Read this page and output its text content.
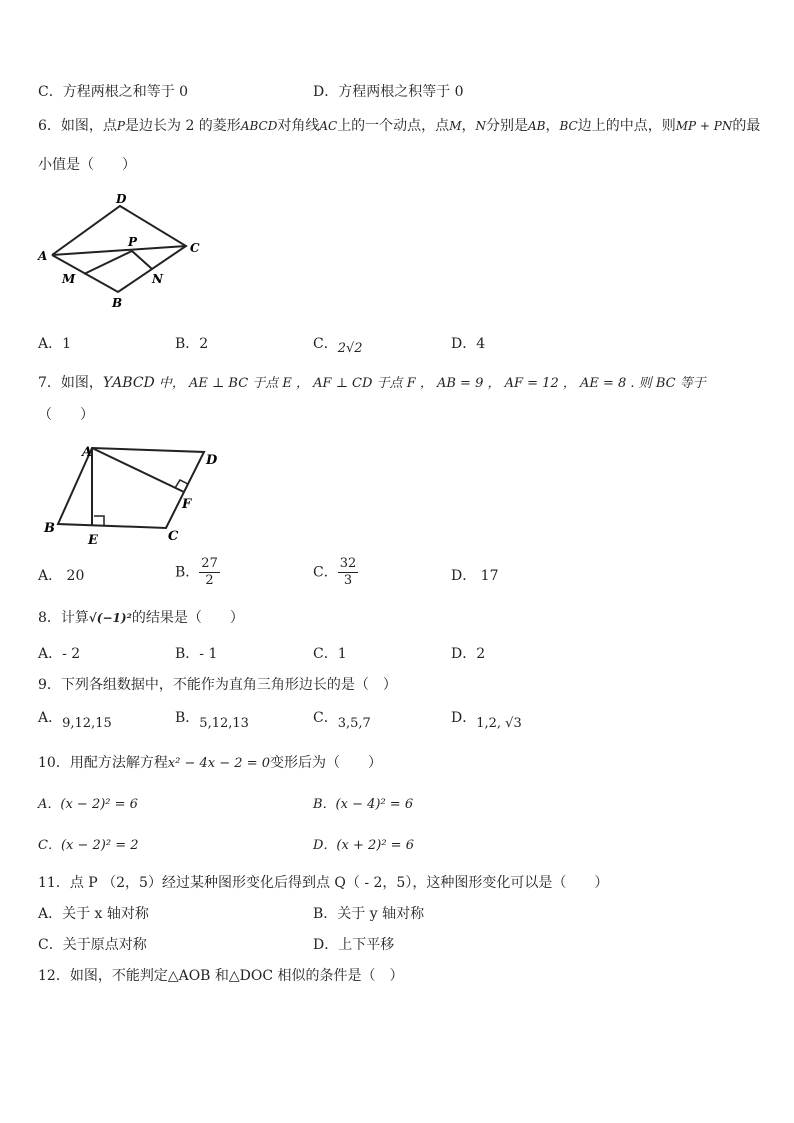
C．方程两根之和等于 0	D．方程两根之积等于 0
6．如图，点P是边长为 2 的菱形ABCD对角线AC上的一个动点，点M，N分别是AB，BC边上的中点，则MP + PN的最
小值是（　　）
D
A
P	C
M	N
B
A．1	B．2	C．2√2	D．4
7．如图，ΥABCD 中， AE ⊥ BC 于点 E ， AF ⊥ CD 于点 F ， AB = 9 ， AF = 12 ， AE = 8 . 则 BC 等于
（　　）
A
D
F
B
C
E
A． 20	B． $\frac{27}{2}$	C． $\frac{32}{3}$	D． 17
8．计算√(−1)²的结果是（　　）
A．- 2	B．- 1	C．1	D．2
9．下列各组数据中，不能作为直角三角形边长的是（　）
A．9,12,15	B．5,12,13	C．3,5,7	D．1,2, √3
10．用配方法解方程x² − 4x − 2 = 0变形后为（　　）
A．(x − 2)² = 6	B．(x − 4)² = 6
C．(x − 2)² = 2	D．(x + 2)² = 6
11．点 P （2，5）经过某种图形变化后得到点 Q（ - 2，5），这种图形变化可以是（　　）
A．关于 x 轴对称	B．关于 y 轴对称
C．关于原点对称	D．上下平移
12．如图，不能判定△AOB 和△DOC 相似的条件是（　）
